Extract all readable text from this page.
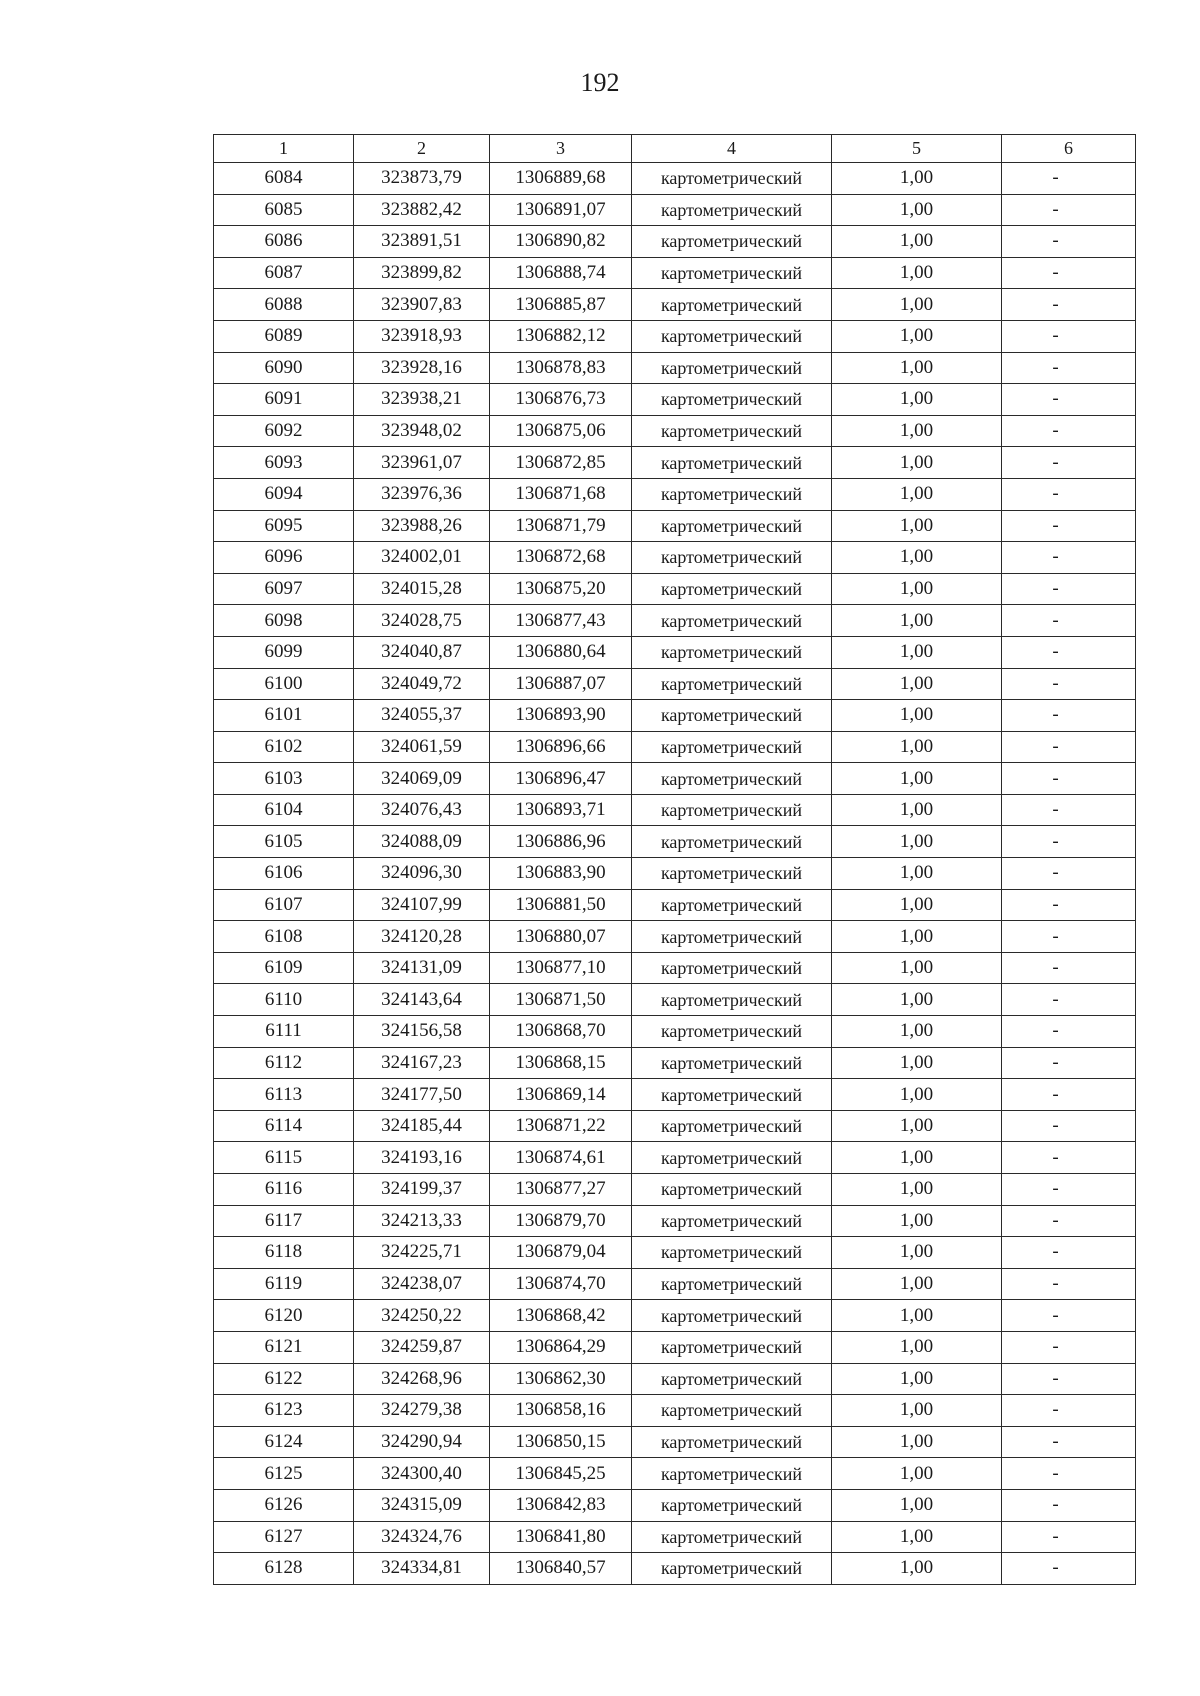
192
1	2	3	4	5	6
6084	323873,79	1306889,68	картометрический	1,00	-
6085	323882,42	1306891,07	картометрический	1,00	-
6086	323891,51	1306890,82	картометрический	1,00	-
6087	323899,82	1306888,74	картометрический	1,00	-
6088	323907,83	1306885,87	картометрический	1,00	-
6089	323918,93	1306882,12	картометрический	1,00	-
6090	323928,16	1306878,83	картометрический	1,00	-
6091	323938,21	1306876,73	картометрический	1,00	-
6092	323948,02	1306875,06	картометрический	1,00	-
6093	323961,07	1306872,85	картометрический	1,00	-
6094	323976,36	1306871,68	картометрический	1,00	-
6095	323988,26	1306871,79	картометрический	1,00	-
6096	324002,01	1306872,68	картометрический	1,00	-
6097	324015,28	1306875,20	картометрический	1,00	-
6098	324028,75	1306877,43	картометрический	1,00	-
6099	324040,87	1306880,64	картометрический	1,00	-
6100	324049,72	1306887,07	картометрический	1,00	-
6101	324055,37	1306893,90	картометрический	1,00	-
6102	324061,59	1306896,66	картометрический	1,00	-
6103	324069,09	1306896,47	картометрический	1,00	-
6104	324076,43	1306893,71	картометрический	1,00	-
6105	324088,09	1306886,96	картометрический	1,00	-
6106	324096,30	1306883,90	картометрический	1,00	-
6107	324107,99	1306881,50	картометрический	1,00	-
6108	324120,28	1306880,07	картометрический	1,00	-
6109	324131,09	1306877,10	картометрический	1,00	-
6110	324143,64	1306871,50	картометрический	1,00	-
6111	324156,58	1306868,70	картометрический	1,00	-
6112	324167,23	1306868,15	картометрический	1,00	-
6113	324177,50	1306869,14	картометрический	1,00	-
6114	324185,44	1306871,22	картометрический	1,00	-
6115	324193,16	1306874,61	картометрический	1,00	-
6116	324199,37	1306877,27	картометрический	1,00	-
6117	324213,33	1306879,70	картометрический	1,00	-
6118	324225,71	1306879,04	картометрический	1,00	-
6119	324238,07	1306874,70	картометрический	1,00	-
6120	324250,22	1306868,42	картометрический	1,00	-
6121	324259,87	1306864,29	картометрический	1,00	-
6122	324268,96	1306862,30	картометрический	1,00	-
6123	324279,38	1306858,16	картометрический	1,00	-
6124	324290,94	1306850,15	картометрический	1,00	-
6125	324300,40	1306845,25	картометрический	1,00	-
6126	324315,09	1306842,83	картометрический	1,00	-
6127	324324,76	1306841,80	картометрический	1,00	-
6128	324334,81	1306840,57	картометрический	1,00	-
